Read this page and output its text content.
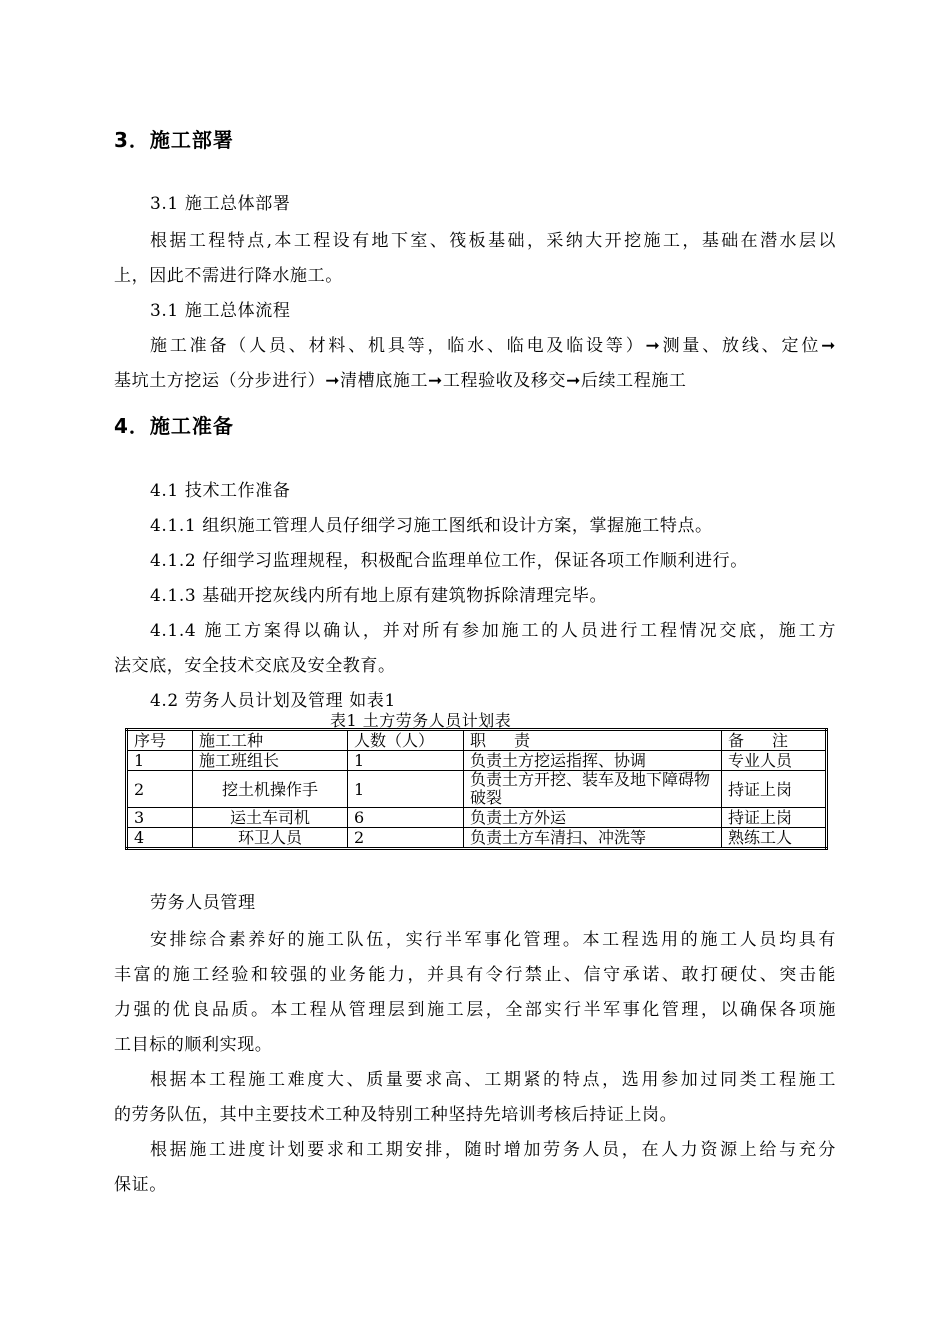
3．施工部署
3.1 施工总体部署
根据工程特点,本工程设有地下室、筏板基础，采纳大开挖施工，基础在潜水层以
上，因此不需进行降水施工。
3.1 施工总体流程
施工准备（人员、材料、机具等，临水、临电及临设等）➞测量、放线、定位➞
基坑土方挖运（分步进行）➞清槽底施工➞工程验收及移交➞后续工程施工
4．施工准备
4.1 技术工作准备
4.1.1 组织施工管理人员仔细学习施工图纸和设计方案，掌握施工特点。
4.1.2 仔细学习监理规程，积极配合监理单位工作，保证各项工作顺利进行。
4.1.3 基础开挖灰线内所有地上原有建筑物拆除清理完毕。
4.1.4 施工方案得以确认，并对所有参加施工的人员进行工程情况交底，施工方
法交底，安全技术交底及安全教育。
4.2 劳务人员计划及管理 如表1
表1 土方劳务人员计划表
序号	施工工种	人数（人）	职　责	备　注
1	施工班组长	1	负责土方挖运指挥、协调	专业人员
2	挖土机操作手	1	负责土方开挖、装车及地下障碍物破裂	持证上岗
3	运土车司机	6	负责土方外运	持证上岗
4	环卫人员	2	负责土方车清扫、冲洗等	熟练工人
劳务人员管理
安排综合素养好的施工队伍，实行半军事化管理。本工程选用的施工人员均具有
丰富的施工经验和较强的业务能力，并具有令行禁止、信守承诺、敢打硬仗、突击能
力强的优良品质。本工程从管理层到施工层，全部实行半军事化管理，以确保各项施
工目标的顺利实现。
根据本工程施工难度大、质量要求高、工期紧的特点，选用参加过同类工程施工
的劳务队伍，其中主要技术工种及特别工种坚持先培训考核后持证上岗。
根据施工进度计划要求和工期安排，随时增加劳务人员，在人力资源上给与充分
保证。
